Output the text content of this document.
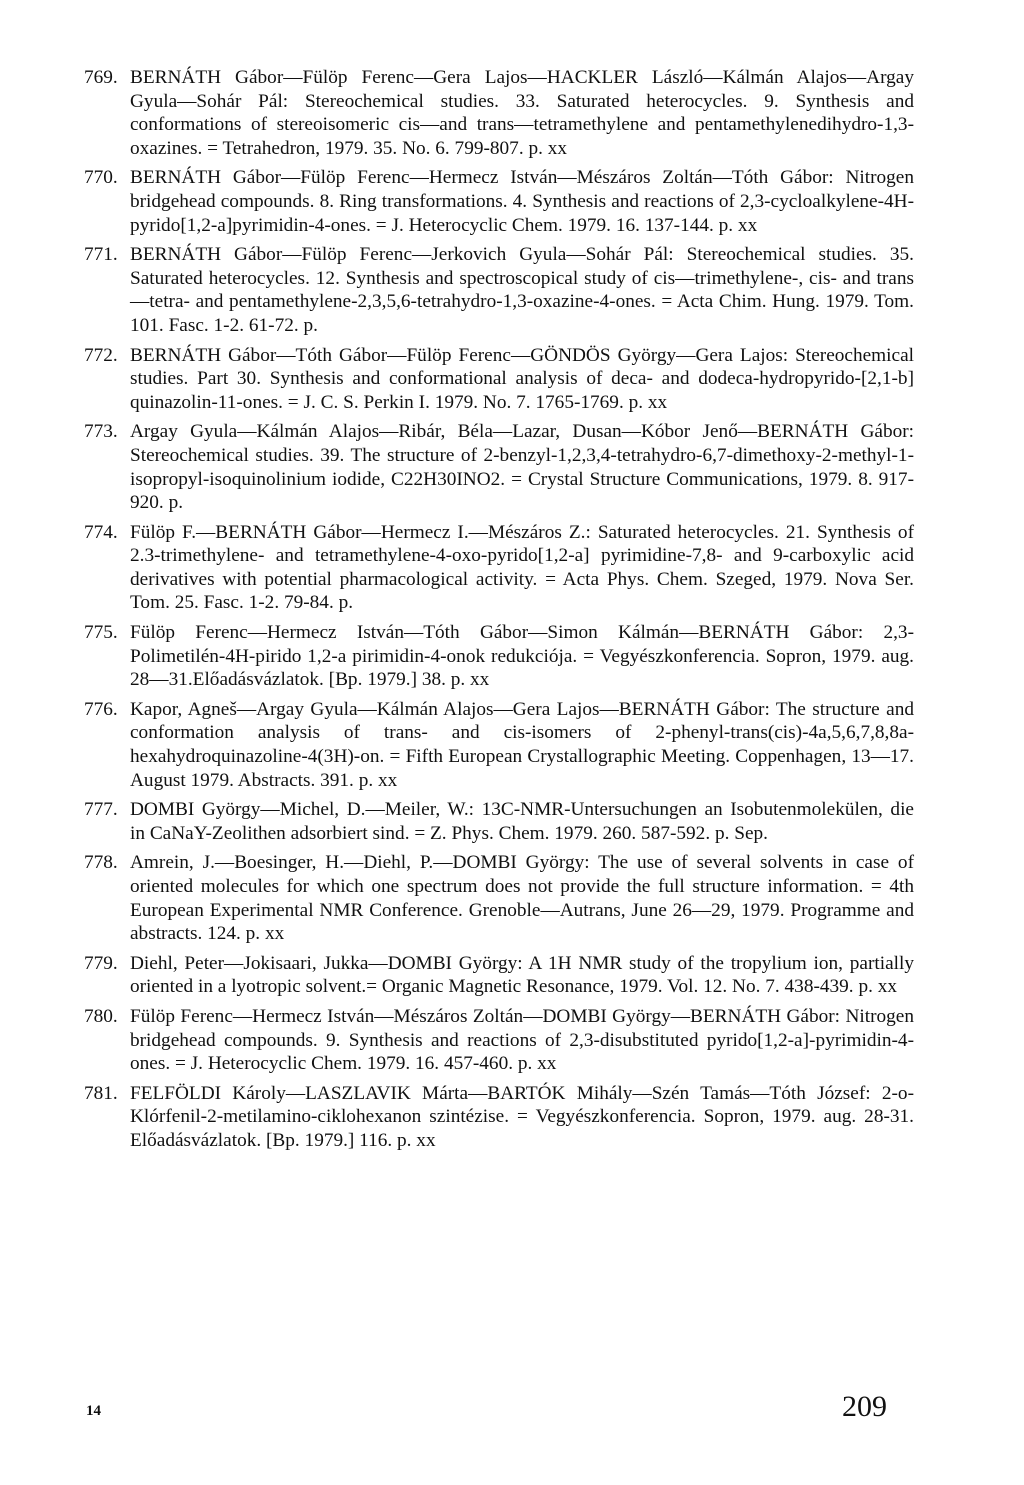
769. BERNÁTH Gábor—Fülöp Ferenc—Gera Lajos—HACKLER László—Kálmán Alajos—Argay Gyula—Sohár Pál: Stereochemical studies. 33. Saturated heterocycles. 9. Synthesis and conformations of stereoisomeric cis—and trans—tetramethylene and pentamethylenedihydro-1,3-oxazines. = Tetrahedron, 1979. 35. No. 6. 799-807. p. xx
770. BERNÁTH Gábor—Fülöp Ferenc—Hermecz István—Mészáros Zoltán—Tóth Gábor: Nitrogen bridgehead compounds. 8. Ring transformations. 4. Synthesis and reactions of 2,3-cycloalkylene-4H-pyrido[1,2-a]pyrimidin-4-ones. = J. Heterocyclic Chem. 1979. 16. 137-144. p. xx
771. BERNÁTH Gábor—Fülöp Ferenc—Jerkovich Gyula—Sohár Pál: Stereochemical studies. 35. Saturated heterocycles. 12. Synthesis and spectroscopical study of cis—trimethylene-, cis- and trans—tetra- and pentamethylene-2,3,5,6-tetrahydro-1,3-oxazine-4-ones. = Acta Chim. Hung. 1979. Tom. 101. Fasc. 1-2. 61-72. p.
772. BERNÁTH Gábor—Tóth Gábor—Fülöp Ferenc—GÖNDÖS György—Gera Lajos: Stereochemical studies. Part 30. Synthesis and conformational analysis of deca- and dodeca-hydropyrido-[2,1-b] quinazolin-11-ones. = J. C. S. Perkin I. 1979. No. 7. 1765-1769. p. xx
773. Argay Gyula—Kálmán Alajos—Ribár, Béla—Lazar, Dusan—Kóbor Jenő—BERNÁTH Gábor: Stereochemical studies. 39. The structure of 2-benzyl-1,2,3,4-tetrahydro-6,7-dimethoxy-2-methyl-1-isopropyl-isoquinolinium iodide, C22H30INO2. = Crystal Structure Communications, 1979. 8. 917-920. p.
774. Fülöp F.—BERNÁTH Gábor—Hermecz I.—Mészáros Z.: Saturated heterocycles. 21. Synthesis of 2.3-trimethylene- and tetramethylene-4-oxo-pyrido[1,2-a] pyrimidine-7,8- and 9-carboxylic acid derivatives with potential pharmacological activity. = Acta Phys. Chem. Szeged, 1979. Nova Ser. Tom. 25. Fasc. 1-2. 79-84. p.
775. Fülöp Ferenc—Hermecz István—Tóth Gábor—Simon Kálmán—BERNÁTH Gábor: 2,3-Polimetilén-4H-pirido 1,2-a pirimidin-4-onok redukciója. = Vegyészkonferencia. Sopron, 1979. aug. 28—31.Előadásvázlatok. [Bp. 1979.] 38. p. xx
776. Kapor, Agneš—Argay Gyula—Kálmán Alajos—Gera Lajos—BERNÁTH Gábor: The structure and conformation analysis of trans- and cis-isomers of 2-phenyl-trans(cis)-4a,5,6,7,8,8a-hexahydroquinazoline-4(3H)-on. = Fifth European Crystallographic Meeting. Coppenhagen, 13—17. August 1979. Abstracts. 391. p. xx
777. DOMBI György—Michel, D.—Meiler, W.: 13C-NMR-Untersuchungen an Isobutenmolekülen, die in CaNaY-Zeolithen adsorbiert sind. = Z. Phys. Chem. 1979. 260. 587-592. p. Sep.
778. Amrein, J.—Boesinger, H.—Diehl, P.—DOMBI György: The use of several solvents in case of oriented molecules for which one spectrum does not provide the full structure information. = 4th European Experimental NMR Conference. Grenoble—Autrans, June 26—29, 1979. Programme and abstracts. 124. p. xx
779. Diehl, Peter—Jokisaari, Jukka—DOMBI György: A 1H NMR study of the tropylium ion, partially oriented in a lyotropic solvent.= Organic Magnetic Resonance, 1979. Vol. 12. No. 7. 438-439. p. xx
780. Fülöp Ferenc—Hermecz István—Mészáros Zoltán—DOMBI György—BERNÁTH Gábor: Nitrogen bridgehead compounds. 9. Synthesis and reactions of 2,3-disubstituted pyrido[1,2-a]-pyrimidin-4-ones. = J. Heterocyclic Chem. 1979. 16. 457-460. p. xx
781. FELFÖLDI Károly—LASZLAVIK Márta—BARTÓK Mihály—Szén Tamás—Tóth József: 2-o-Klórfenil-2-metilamino-ciklohexanon szintézise. = Vegyészkonferencia. Sopron, 1979. aug. 28-31. Előadásvázlatok. [Bp. 1979.] 116. p. xx
14	209
